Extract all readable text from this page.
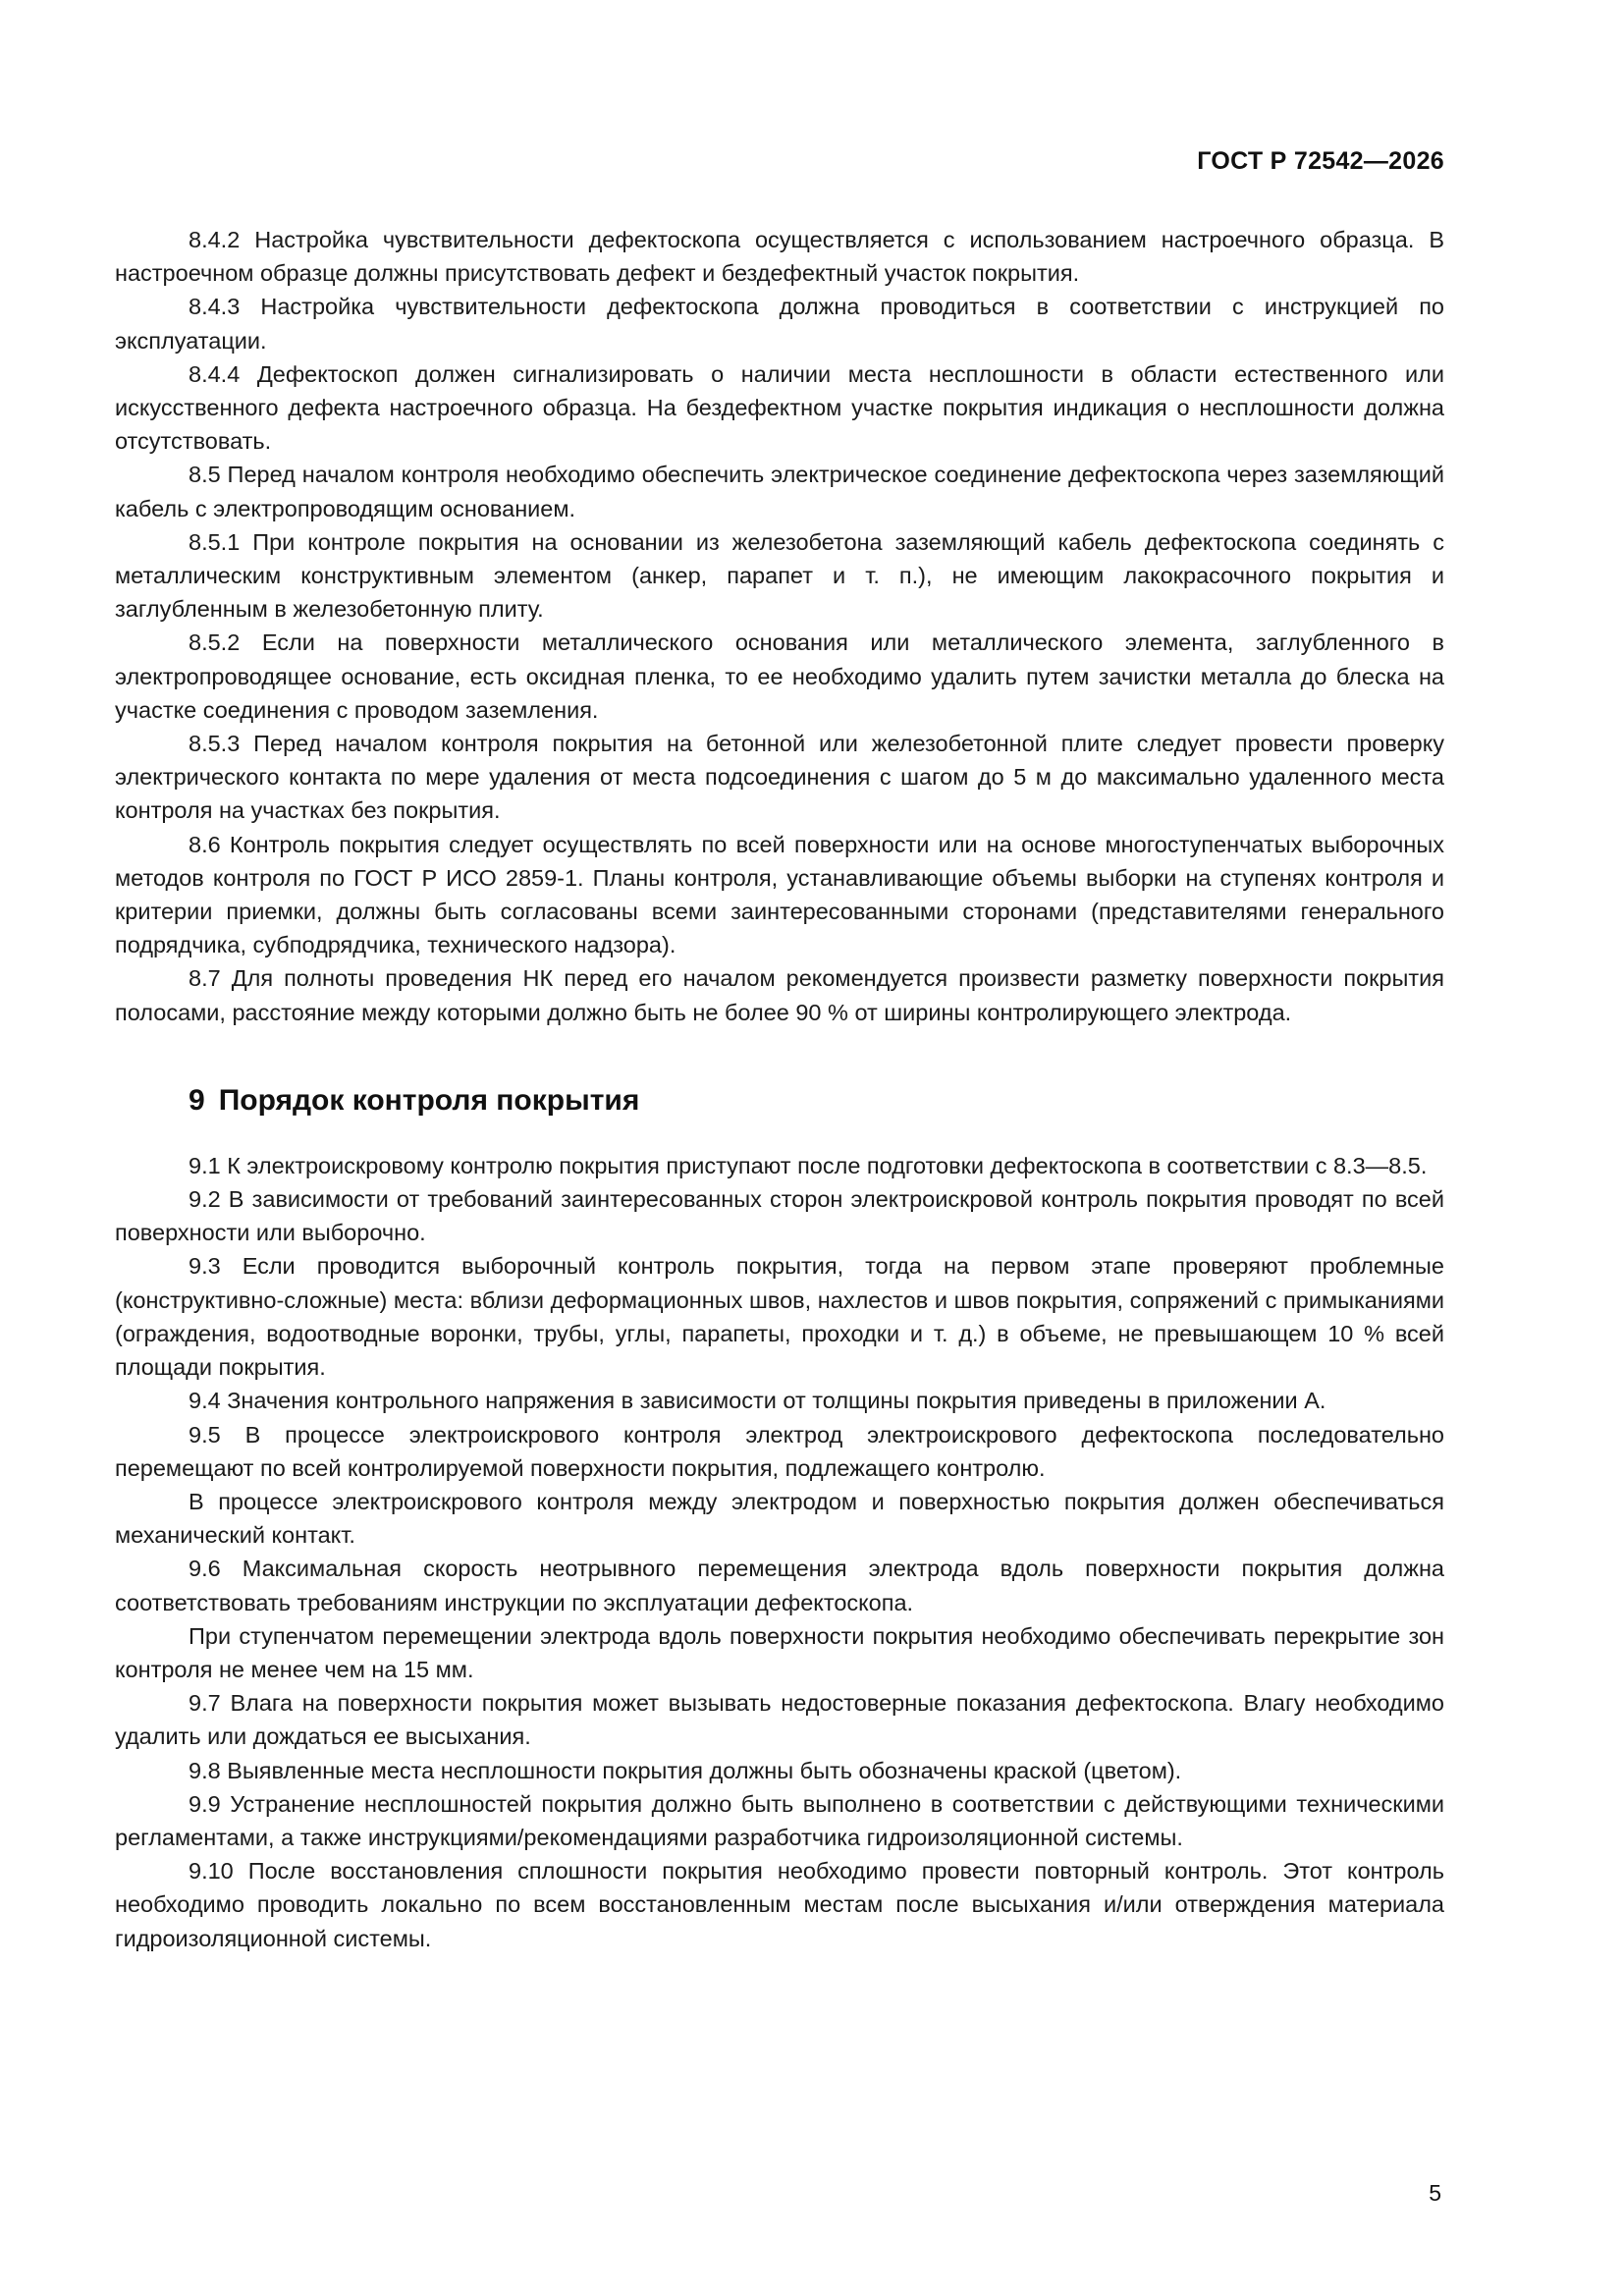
ГОСТ Р 72542—2026

8.4.2 Настройка чувствительности дефектоскопа осуществляется с использованием настроечного образца. В настроечном образце должны присутствовать дефект и бездефектный участок покрытия.

8.4.3 Настройка чувствительности дефектоскопа должна проводиться в соответствии с инструкцией по эксплуатации.

8.4.4 Дефектоскоп должен сигнализировать о наличии места несплошности в области естественного или искусственного дефекта настроечного образца. На бездефектном участке покрытия индикация о несплошности должна отсутствовать.

8.5 Перед началом контроля необходимо обеспечить электрическое соединение дефектоскопа через заземляющий кабель с электропроводящим основанием.

8.5.1 При контроле покрытия на основании из железобетона заземляющий кабель дефектоскопа соединять с металлическим конструктивным элементом (анкер, парапет и т. п.), не имеющим лакокрасочного покрытия и заглубленным в железобетонную плиту.

8.5.2 Если на поверхности металлического основания или металлического элемента, заглубленного в электропроводящее основание, есть оксидная пленка, то ее необходимо удалить путем зачистки металла до блеска на участке соединения с проводом заземления.

8.5.3 Перед началом контроля покрытия на бетонной или железобетонной плите следует провести проверку электрического контакта по мере удаления от места подсоединения с шагом до 5 м до максимально удаленного места контроля на участках без покрытия.

8.6 Контроль покрытия следует осуществлять по всей поверхности или на основе многоступенчатых выборочных методов контроля по ГОСТ Р ИСО 2859-1. Планы контроля, устанавливающие объемы выборки на ступенях контроля и критерии приемки, должны быть согласованы всеми заинтересованными сторонами (представителями генерального подрядчика, субподрядчика, технического надзора).

8.7 Для полноты проведения НК перед его началом рекомендуется произвести разметку поверхности покрытия полосами, расстояние между которыми должно быть не более 90 % от ширины контролирующего электрода.

9 Порядок контроля покрытия

9.1 К электроискровому контролю покрытия приступают после подготовки дефектоскопа в соответствии с 8.3—8.5.

9.2 В зависимости от требований заинтересованных сторон электроискровой контроль покрытия проводят по всей поверхности или выборочно.

9.3 Если проводится выборочный контроль покрытия, тогда на первом этапе проверяют проблемные (конструктивно-сложные) места: вблизи деформационных швов, нахлестов и швов покрытия, сопряжений с примыканиями (ограждения, водоотводные воронки, трубы, углы, парапеты, проходки и т. д.) в объеме, не превышающем 10 % всей площади покрытия.

9.4 Значения контрольного напряжения в зависимости от толщины покрытия приведены в приложении А.

9.5 В процессе электроискрового контроля электрод электроискрового дефектоскопа последовательно перемещают по всей контролируемой поверхности покрытия, подлежащего контролю.

В процессе электроискрового контроля между электродом и поверхностью покрытия должен обеспечиваться механический контакт.

9.6 Максимальная скорость неотрывного перемещения электрода вдоль поверхности покрытия должна соответствовать требованиям инструкции по эксплуатации дефектоскопа.

При ступенчатом перемещении электрода вдоль поверхности покрытия необходимо обеспечивать перекрытие зон контроля не менее чем на 15 мм.

9.7 Влага на поверхности покрытия может вызывать недостоверные показания дефектоскопа. Влагу необходимо удалить или дождаться ее высыхания.

9.8 Выявленные места несплошности покрытия должны быть обозначены краской (цветом).

9.9 Устранение несплошностей покрытия должно быть выполнено в соответствии с действующими техническими регламентами, а также инструкциями/рекомендациями разработчика гидроизоляционной системы.

9.10 После восстановления сплошности покрытия необходимо провести повторный контроль. Этот контроль необходимо проводить локально по всем восстановленным местам после высыхания и/или отверждения материала гидроизоляционной системы.

5
